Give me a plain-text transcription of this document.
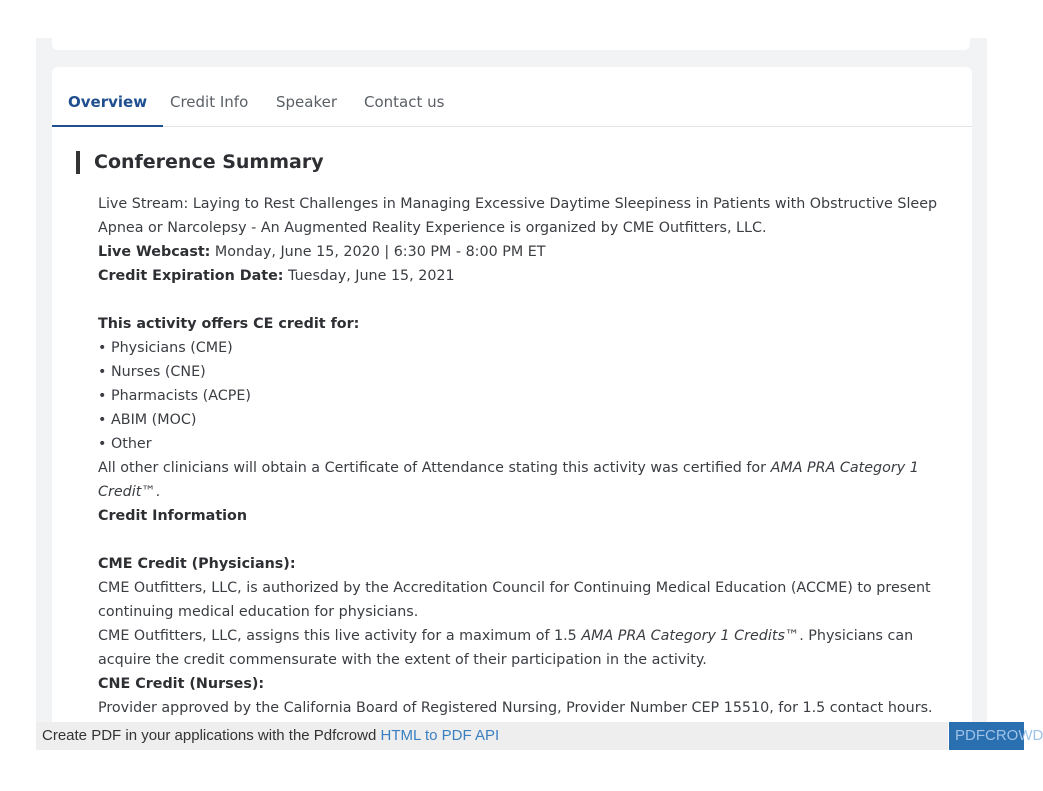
Overview Credit Info Speaker Contact us
Conference Summary

Live Stream: Laying to Rest Challenges in Managing Excessive Daytime Sleepiness in Patients with Obstructive Sleep Apnea or Narcolepsy - An Augmented Reality Experience is organized by CME Outfitters, LLC.

Live Webcast: Monday, June 15, 2020 | 6:30 PM - 8:00 PM ET

Credit Expiration Date: Tuesday, June 15, 2021

This activity offers CE credit for:

• Physicians (CME)

• Nurses (CNE)

• Pharmacists (ACPE)

• ABIM (MOC)

• Other

All other clinicians will obtain a Certificate of Attendance stating this activity was certified for AMA PRA Category 1 Credit™.

Credit Information

CME Credit (Physicians):

CME Outfitters, LLC, is authorized by the Accreditation Council for Continuing Medical Education (ACCME) to present continuing medical education for physicians.

CME Outfitters, LLC, assigns this live activity for a maximum of 1.5 AMA PRA Category 1 Credits™. Physicians can acquire the credit commensurate with the extent of their participation in the activity.

CNE Credit (Nurses):

Provider approved by the California Board of Registered Nursing, Provider Number CEP 15510, for 1.5 contact hours.

Create PDF in your applications with the Pdfcrowd HTML to PDF API	PDFCROWD
